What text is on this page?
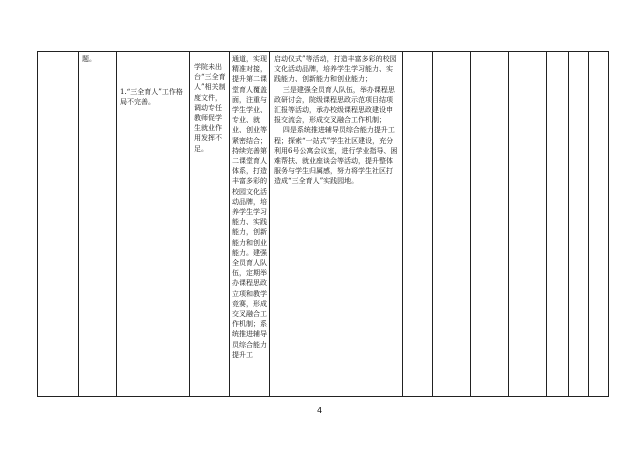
题。

1.“三全育人”工作格局不完善。

学院未出台“三全育人”相关制度文件，调动专任教师促学生就业作用发挥不足。

通道，实现精准对接，提升第二课堂育人覆盖面，注重与学生学业、专业、就业、创业等紧密结合；持续完善第二课堂育人体系，打造丰富多彩的校园文化活动品牌，培养学生学习能力、实践能力，创新能力和创业能力。建强全员育人队伍，定期举办课程思政立项和教学竞赛，形成交叉融合工作机制；系统推进辅导员综合能力提升工

启动仪式”等活动，打造丰富多彩的校园文化活动品牌，培养学生学习能力、实践能力、创新能力和创业能力；
三是建强全员育人队伍，举办课程思政研讨会，院级课程思政示范项目结项汇报等活动，承办校级课程思政建设申报交流会，形成交叉融合工作机制；
四是系统推进辅导员综合能力提升工程；探索“一站式”学生社区建设，充分利用6号公寓会议室，进行学业指导、困难帮扶、就业座谈会等活动，提升整体服务与学生归属感，努力将学生社区打造成“三全育人”实践园地。

4
